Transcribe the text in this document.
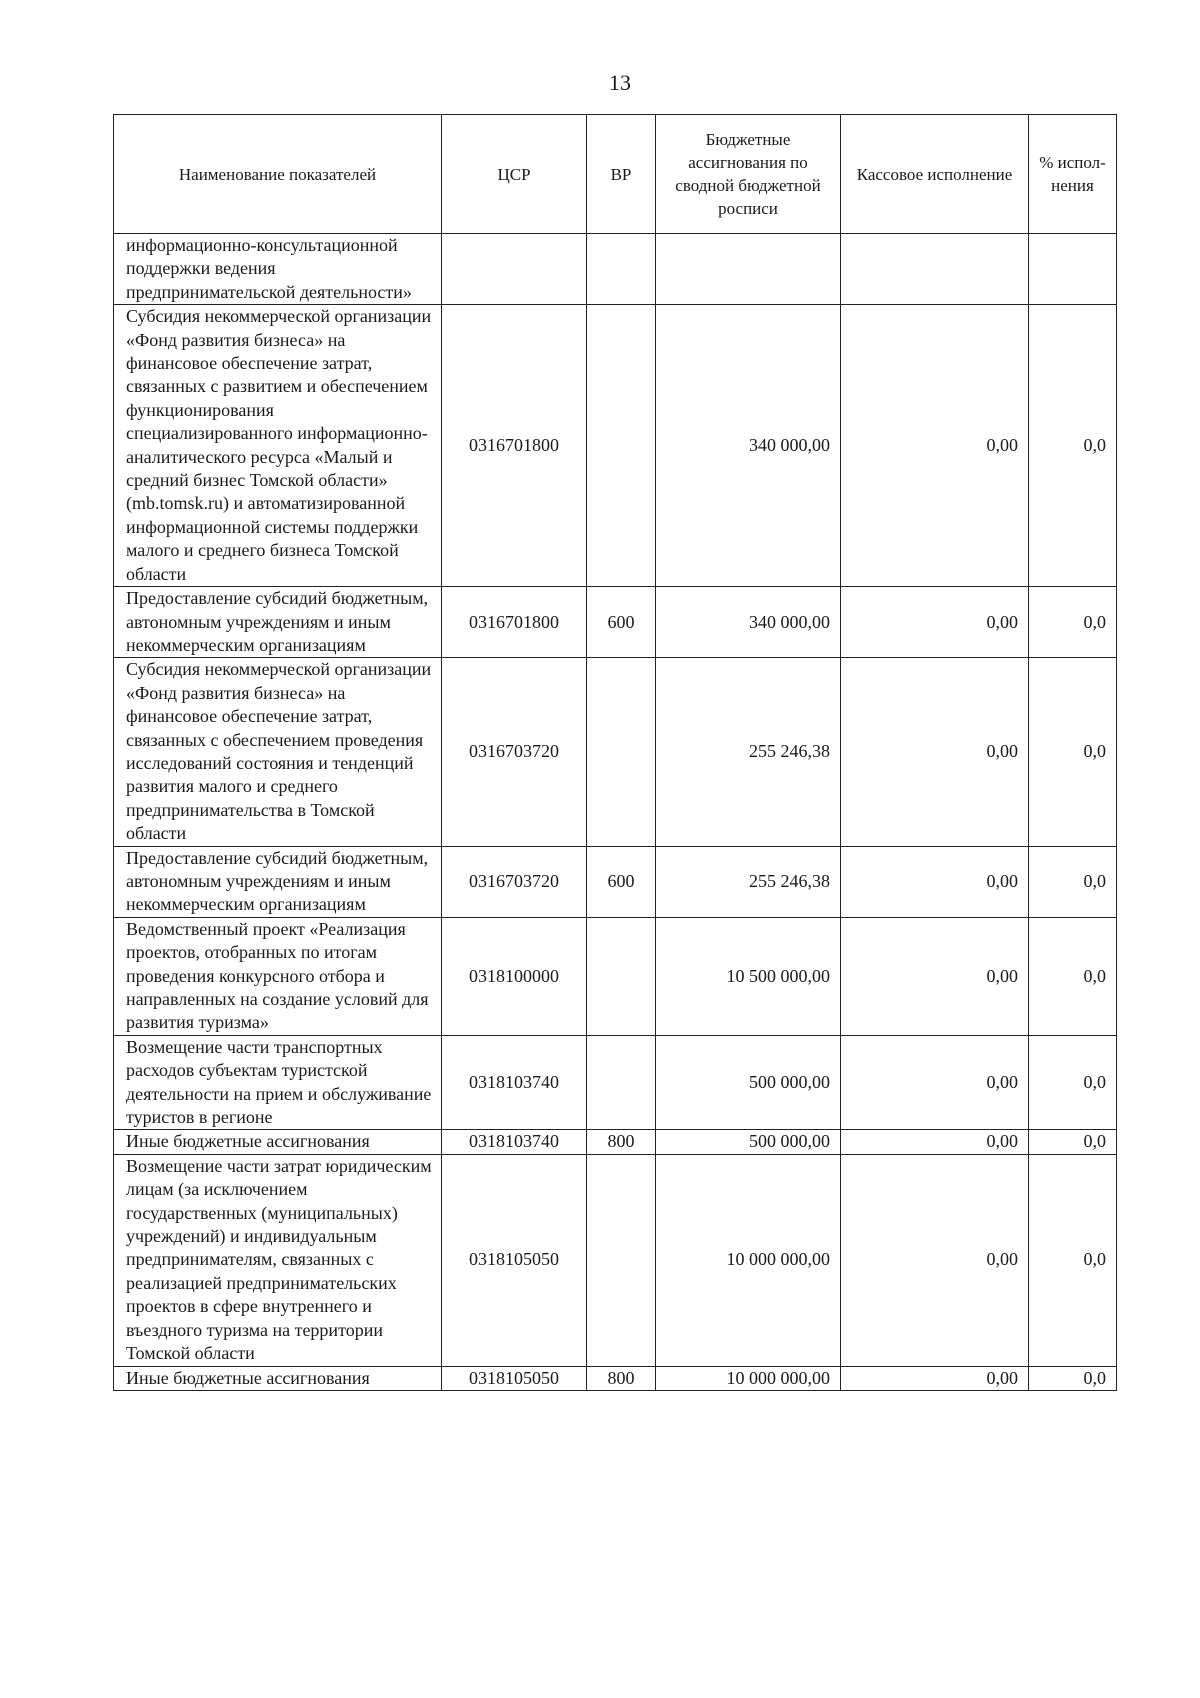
13
Наименование показателей	ЦСР	ВР	Бюджетные ассигнования по сводной бюджетной росписи	Кассовое исполнение	% испол-нения
информационно-консультационной поддержки ведения предпринимательской деятельности»					
Субсидия некоммерческой организации «Фонд развития бизнеса» на финансовое обеспечение затрат, связанных с развитием и обеспечением функционирования специализированного информационно-аналитического ресурса «Малый и средний бизнес Томской области» (mb.tomsk.ru) и автоматизированной информационной системы поддержки малого и среднего бизнеса Томской области	0316701800		340 000,00	0,00	0,0
Предоставление субсидий бюджетным, автономным учреждениям и иным некоммерческим организациям	0316701800	600	340 000,00	0,00	0,0
Субсидия некоммерческой организации «Фонд развития бизнеса» на финансовое обеспечение затрат, связанных с обеспечением проведения исследований состояния и тенденций развития малого и среднего предпринимательства в Томской области	0316703720		255 246,38	0,00	0,0
Предоставление субсидий бюджетным, автономным учреждениям и иным некоммерческим организациям	0316703720	600	255 246,38	0,00	0,0
Ведомственный проект «Реализация проектов, отобранных по итогам проведения конкурсного отбора и направленных на создание условий для развития туризма»	0318100000		10 500 000,00	0,00	0,0
Возмещение части транспортных расходов субъектам туристской деятельности на прием и обслуживание туристов в регионе	0318103740		500 000,00	0,00	0,0
Иные бюджетные ассигнования	0318103740	800	500 000,00	0,00	0,0
Возмещение части затрат юридическим лицам (за исключением государственных (муниципальных) учреждений) и индивидуальным предпринимателям, связанных с реализацией предпринимательских проектов в сфере внутреннего и въездного туризма на территории Томской области	0318105050		10 000 000,00	0,00	0,0
Иные бюджетные ассигнования	0318105050	800	10 000 000,00	0,00	0,0
